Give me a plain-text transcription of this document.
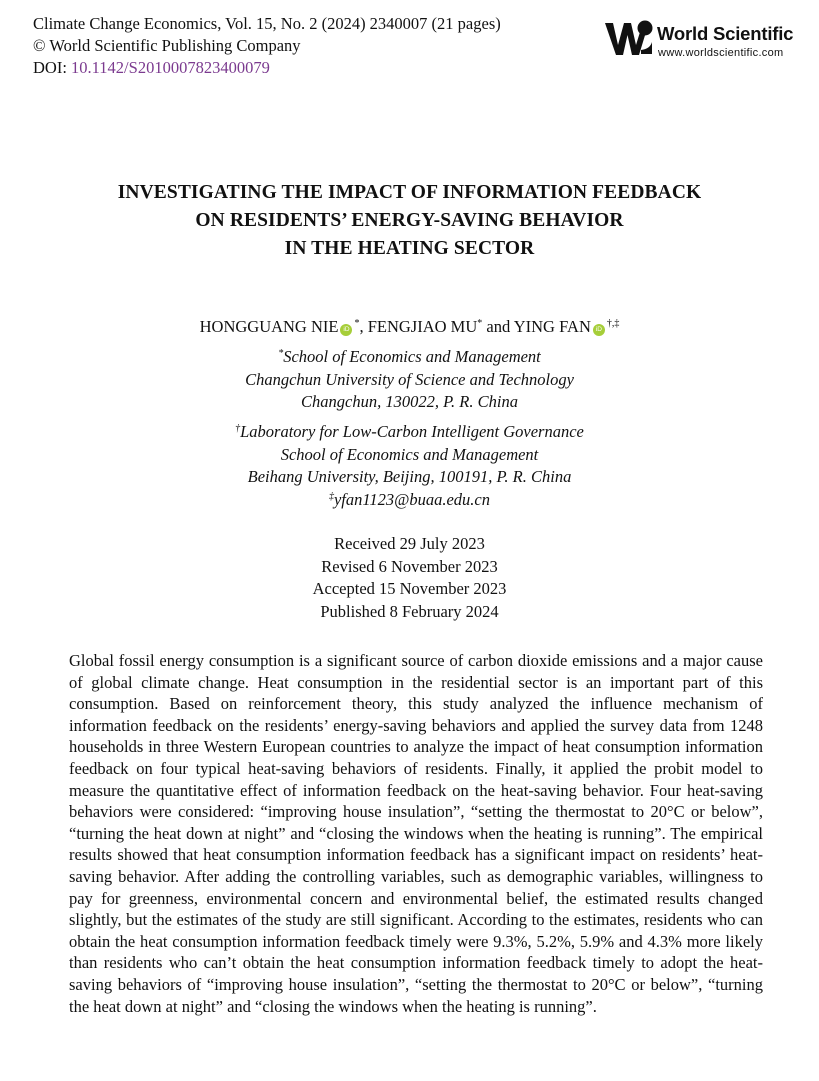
Climate Change Economics, Vol. 15, No. 2 (2024) 2340007 (21 pages)
© World Scientific Publishing Company
DOI: 10.1142/S2010007823400079
World Scientific
www.worldscientific.com
INVESTIGATING THE IMPACT OF INFORMATION FEEDBACK
ON RESIDENTS’ ENERGY-SAVING BEHAVIOR
IN THE HEATING SECTOR
HONGGUANG NIE iD*, FENGJIAO MU* and YING FAN iD†,‡
*School of Economics and Management
Changchun University of Science and Technology
Changchun, 130022, P. R. China
†Laboratory for Low-Carbon Intelligent Governance
School of Economics and Management
Beihang University, Beijing, 100191, P. R. China
‡yfan1123@buaa.edu.cn
Received 29 July 2023
Revised 6 November 2023
Accepted 15 November 2023
Published 8 February 2024
Global fossil energy consumption is a significant source of carbon dioxide emissions and a major cause of global climate change. Heat consumption in the residential sector is an important part of this consumption. Based on reinforcement theory, this study analyzed the influence mechanism of information feedback on the residents’ energy-saving behaviors and applied the survey data from 1248 households in three Western European countries to analyze the impact of heat consumption information feedback on four typical heat-saving behaviors of residents. Finally, it applied the probit model to measure the quantitative effect of information feedback on the heat-saving behavior. Four heat-saving behaviors were considered: “improving house insulation”, “setting the thermostat to 20°C or below”, “turning the heat down at night” and “closing the windows when the heating is running”. The empirical results showed that heat consumption information feedback has a significant impact on residents’ heat-saving behavior. After adding the controlling variables, such as demographic variables, willingness to pay for greenness, environmental concern and environmental belief, the estimated results changed slightly, but the estimates of the study are still significant. According to the estimates, residents who can obtain the heat consumption information feedback timely were 9.3%, 5.2%, 5.9% and 4.3% more likely than residents who can’t obtain the heat consumption information feedback timely to adopt the heat-saving behaviors of “improving house insulation”, “setting the thermostat to 20°C or below”, “turning the heat down at night” and “closing the windows when the heating is running”.
